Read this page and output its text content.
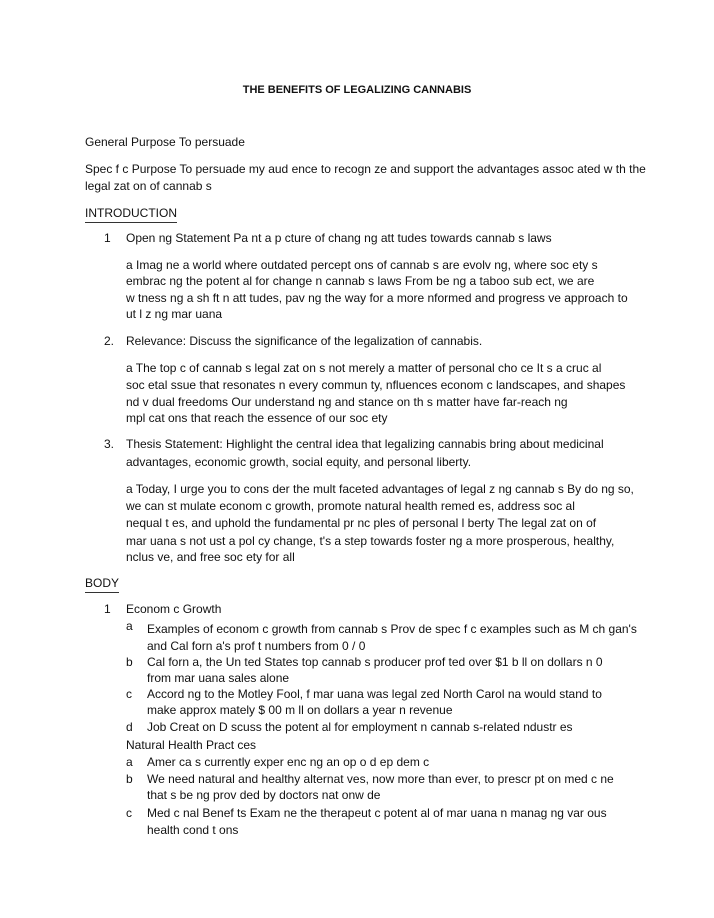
THE BENEFITS OF LEGALIZING CANNABIS
General Purpose To persuade
Spec f c Purpose To persuade my aud ence to recogn ze and support the advantages assoc ated w th the
legal zat on of cannab s
INTRODUCTION
1 Open ng Statement Pa nt a p cture of chang ng att tudes towards cannab s laws
a Imag ne a world where outdated percept ons of cannab s are evolv ng, where soc ety s
embrac ng the potent al for change n cannab s laws From be ng a taboo sub ect, we are
w tness ng a sh ft n att tudes, pav ng the way for a more nformed and progress ve approach to
ut l z ng mar uana
2. Relevance: Discuss the significance of the legalization of cannabis.
a The top c of cannab s legal zat on s not merely a matter of personal cho ce It s a cruc al
soc etal ssue that resonates n every commun ty, nfluences econom c landscapes, and shapes
nd v dual freedoms Our understand ng and stance on th s matter have far-reach ng
mpl cat ons that reach the essence of our soc ety
3. Thesis Statement: Highlight the central idea that legalizing cannabis bring about medicinal
advantages, economic growth, social equity, and personal liberty.
a Today, I urge you to cons der the mult faceted advantages of legal z ng cannab s By do ng so,
we can st mulate econom c growth, promote natural health remed es, address soc al
nequal t es, and uphold the fundamental pr nc ples of personal l berty The legal zat on of
mar uana s not ust a pol cy change, t's a step towards foster ng a more prosperous, healthy,
nclus ve, and free soc ety for all
BODY
1 Econom c Growth
a Examples of econom c growth from cannab s Prov de spec f c examples such as M ch gan's
and Cal forn a's prof t numbers from 0 / 0
b Cal forn a, the Un ted States top cannab s producer prof ted over $1 b ll on dollars n 0
from mar uana sales alone
c Accord ng to the Motley Fool, f mar uana was legal zed North Carol na would stand to
make approx mately $ 00 m ll on dollars a year n revenue
d Job Creat on D scuss the potent al for employment n cannab s-related ndustr es
Natural Health Pract ces
a Amer ca s currently exper enc ng an op o d ep dem c
b We need natural and healthy alternat ves, now more than ever, to prescr pt on med c ne
that s be ng prov ded by doctors nat onw de
c Med c nal Benef ts Exam ne the therapeut c potent al of mar uana n manag ng var ous
health cond t ons
